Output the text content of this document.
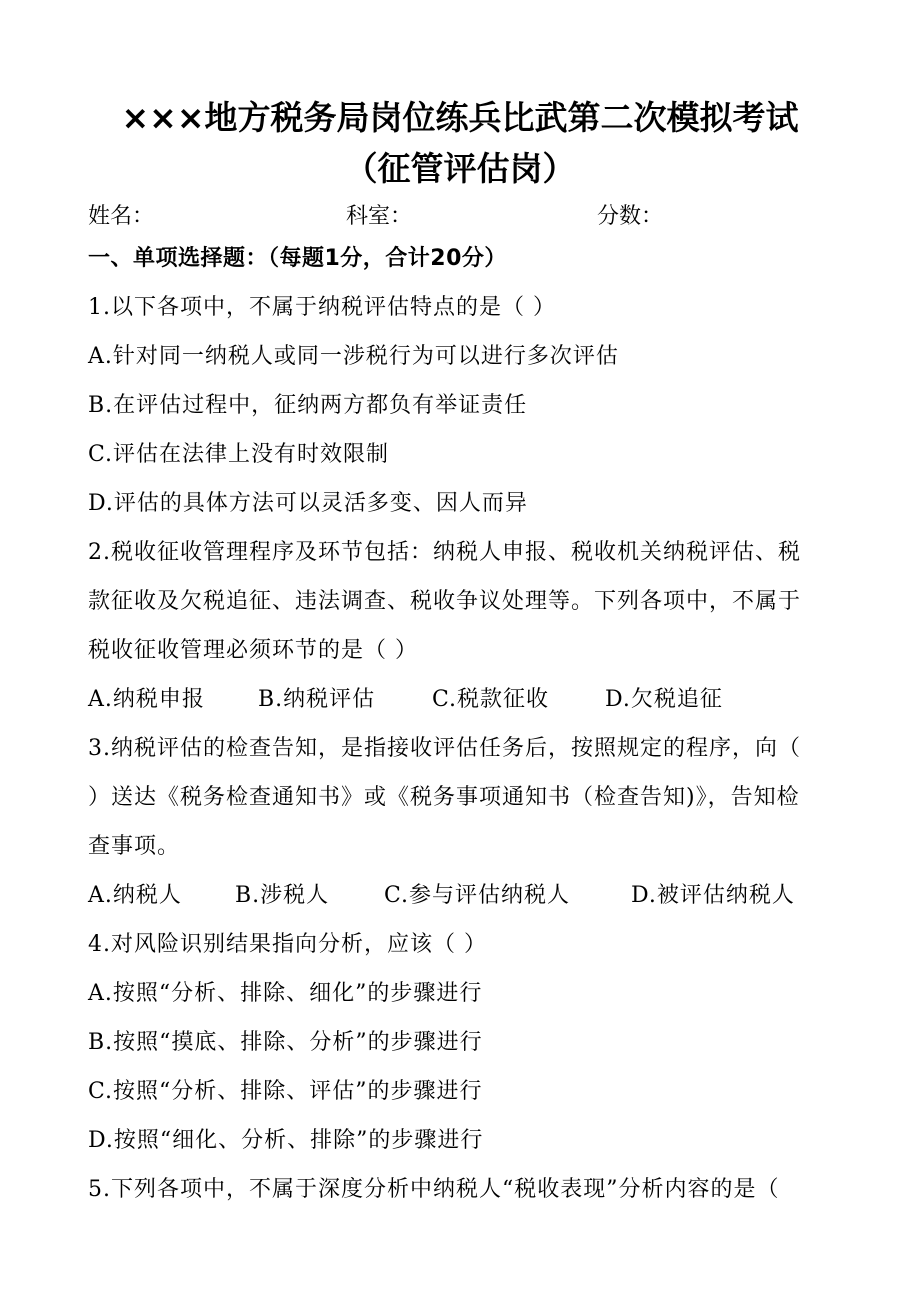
×××地方税务局岗位练兵比武第二次模拟考试
（征管评估岗）
姓名：	科室：	分数：
一、单项选择题：（每题1分，合计20分）
1.以下各项中，不属于纳税评估特点的是（ ）
A.针对同一纳税人或同一涉税行为可以进行多次评估
B.在评估过程中，征纳两方都负有举证责任
C.评估在法律上没有时效限制
D.评估的具体方法可以灵活多变、因人而异
2.税收征收管理程序及环节包括：纳税人申报、税收机关纳税评估、税
款征收及欠税追征、违法调查、税收争议处理等。下列各项中，不属于
税收征收管理必须环节的是（ ）
A.纳税申报 B.纳税评估	C.税款征收	D.欠税追征
3.纳税评估的检查告知，是指接收评估任务后，按照规定的程序，向（
）送达《税务检查通知书》或《税务事项通知书（检查告知)》，告知检
查事项。
A.纳税人 B.涉税人 C.参与评估纳税人	D.被评估纳税人
4.对风险识别结果指向分析，应该（ ）
A.按照“分析、排除、细化”的步骤进行
B.按照“摸底、排除、分析”的步骤进行
C.按照“分析、排除、评估”的步骤进行
D.按照“细化、分析、排除”的步骤进行
5.下列各项中，不属于深度分析中纳税人“税收表现”分析内容的是（
